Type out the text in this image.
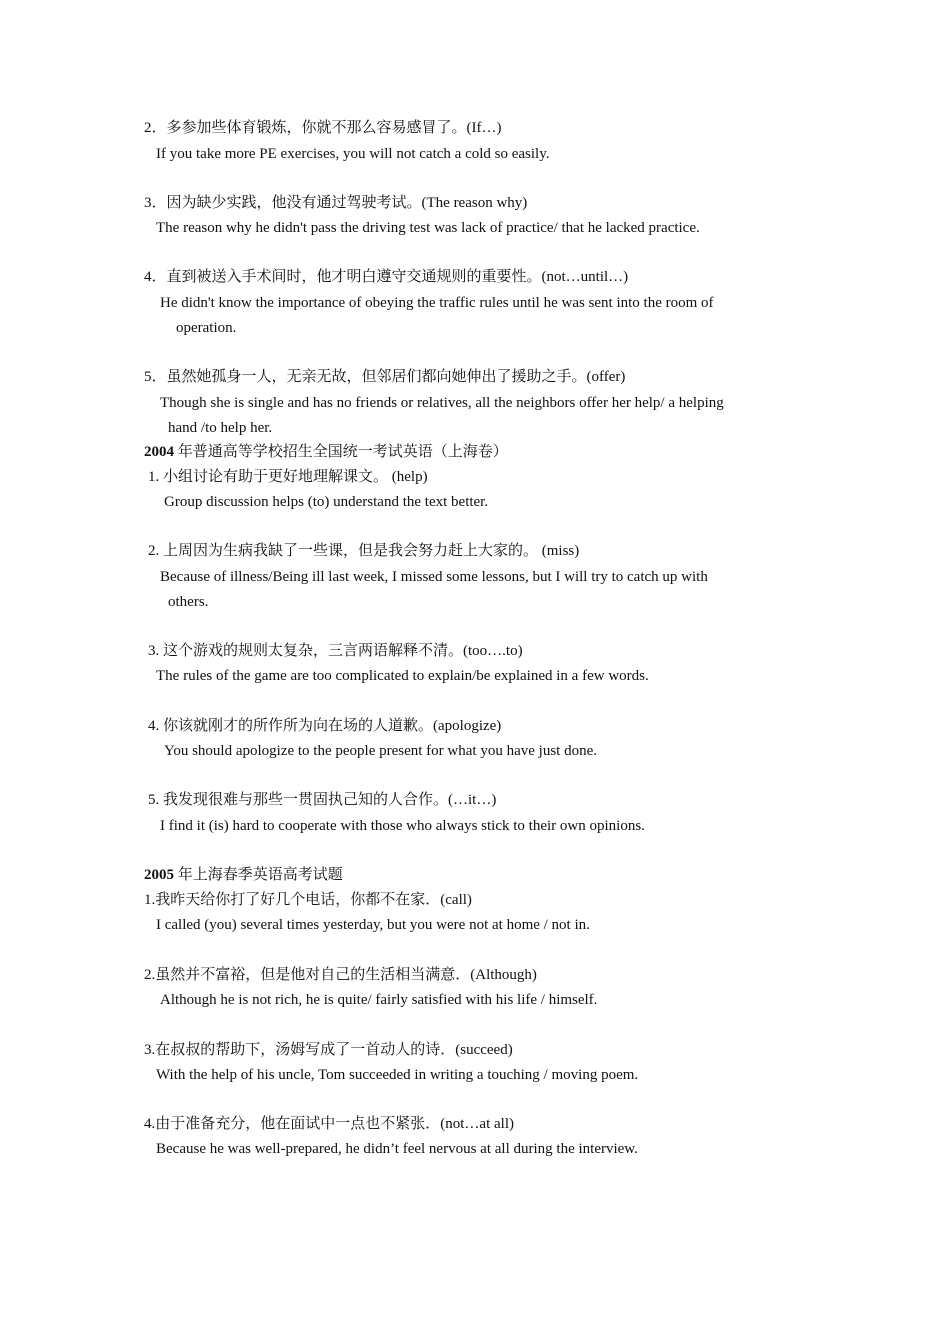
2．多参加些体育锻炼，你就不那么容易感冒了。(If…)
If you take more PE exercises, you will not catch a cold so easily.
3．因为缺少实践，他没有通过驾驶考试。(The reason why)
The reason why he didn't pass the driving test was lack of practice/ that he lacked practice.
4．直到被送入手术间时，他才明白遵守交通规则的重要性。(not…until…)
He didn't know the importance of obeying the traffic rules until he was sent into the room of
operation.
5．虽然她孤身一人，无亲无故，但邻居们都向她伸出了援助之手。(offer)
Though she is single and has no friends or relatives, all the neighbors offer her help/ a helping
hand /to help her.
2004 年普通高等学校招生全国统一考试英语（上海卷）
1. 小组讨论有助于更好地理解课文。 (help)
Group discussion helps (to) understand the text better.
2. 上周因为生病我缺了一些课，但是我会努力赶上大家的。 (miss)
Because of illness/Being ill last week, I missed some lessons, but I will try to catch up with
others.
3. 这个游戏的规则太复杂，三言两语解释不清。(too….to)
The rules of the game are too complicated to explain/be explained in a few words.
4. 你该就刚才的所作所为向在场的人道歉。(apologize)
You should apologize to the people present for what you have just done.
5. 我发现很难与那些一贯固执己知的人合作。(…it…)
I find it (is) hard to cooperate with those who always stick to their own opinions.
2005 年上海春季英语高考试题
1.我昨天给你打了好几个电话，你都不在家．(call)
I called (you) several times yesterday, but you were not at home / not in.
2.虽然并不富裕，但是他对自己的生活相当满意．(Although)
Although he is not rich, he is quite/ fairly satisfied with his life / himself.
3.在叔叔的帮助下，汤姆写成了一首动人的诗．(succeed)
With the help of his uncle, Tom succeeded in writing a touching / moving poem.
4.由于准备充分，他在面试中一点也不紧张．(not…at all)
Because he was well-prepared, he didn’t feel nervous at all during the interview.
